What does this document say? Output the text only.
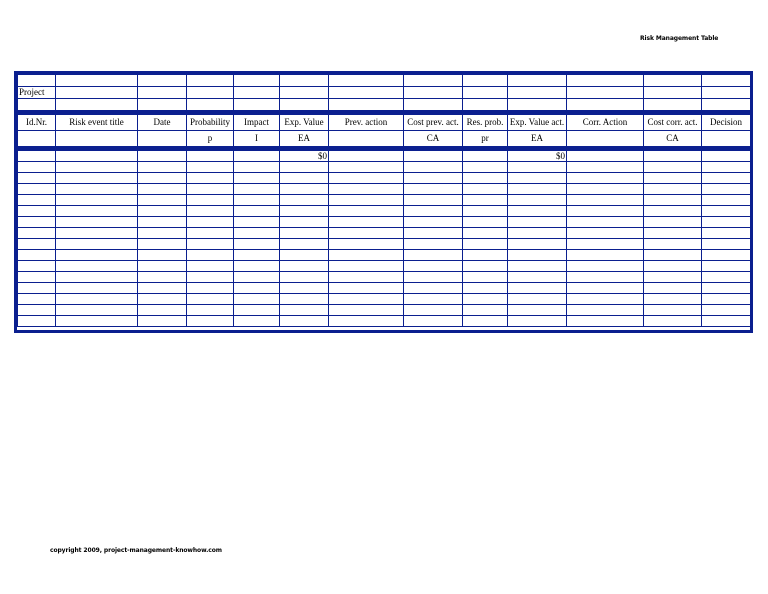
Risk Management Table

Project												

Id.Nr.	Risk event title	Date	Probability	Impact	Exp. Value	Prev. action	Cost prev. act.	Res. prob.	Exp. Value act.	Corr. Action	Cost corr. act.	Decision
			p	I	EA		CA	pr	EA		CA	

					$0				$0			

copyright 2009, project-management-knowhow.com
